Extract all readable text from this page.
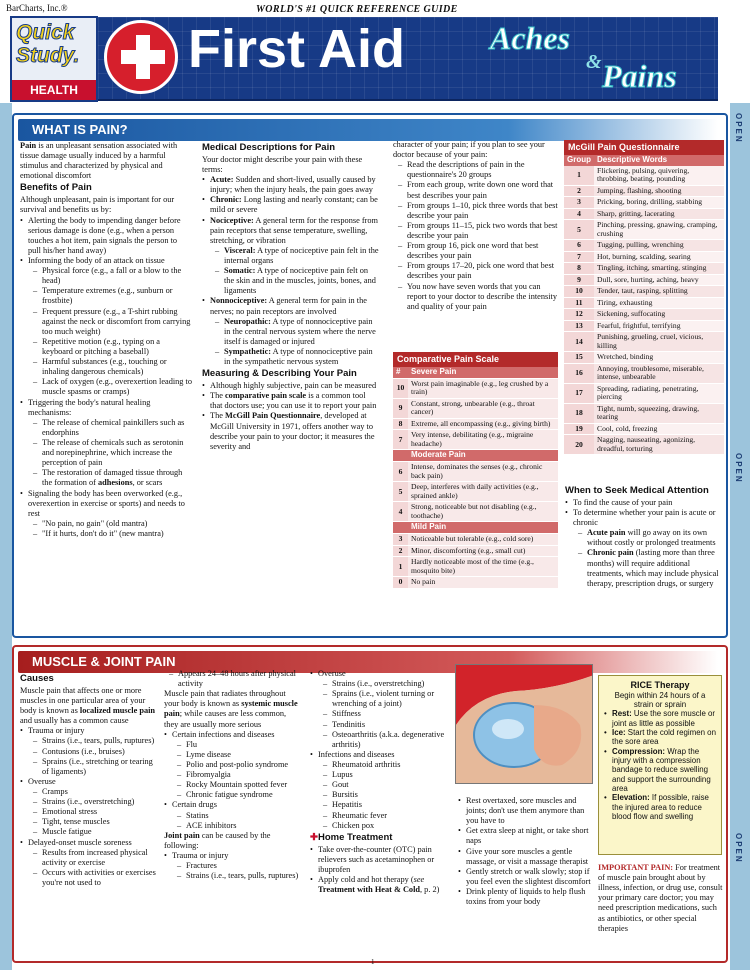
BarCharts, Inc.®	WORLD'S #1 QUICK REFERENCE GUIDE
Quick
Study.
HEALTH
First Aid	Aches
& Pains
OPEN
OPEN
OPEN
WHAT IS PAIN?

Pain is an unpleasant sensation associated with tissue damage usually induced by a harmful stimulus and characterized by physical and emotional discomfort

Benefits of Pain

Although unpleasant, pain is important for our survival and benefits us by:

• Alerting the body to impending danger before serious damage is done (e.g., when a person touches a hot item, pain signals the person to pull his/her hand away)
• Informing the body of an attack on tissue
– Physical force (e.g., a fall or a blow to the head)
– Temperature extremes (e.g., sunburn or frostbite)
– Frequent pressure (e.g., a T-shirt rubbing against the neck or discomfort from carrying too much weight)
– Repetitive motion (e.g., typing on a keyboard or pitching a baseball)
– Harmful substances (e.g., touching or inhaling dangerous chemicals)
– Lack of oxygen (e.g., overexertion leading to muscle spasms or cramps)
• Triggering the body's natural healing mechanisms:
– The release of chemical painkillers such as endorphins
– The release of chemicals such as serotonin and norepinephrine, which increase the perception of pain
– The restoration of damaged tissue through the formation of adhesions, or scars
• Signaling the body has been overworked (e.g., overexertion in exercise or sports) and needs to rest
– "No pain, no gain" (old mantra)
– "If it hurts, don't do it" (new mantra)
Medical Descriptions for Pain

Your doctor might describe your pain with these terms:

• Acute: Sudden and short-lived, usually caused by injury; when the injury heals, the pain goes away
• Chronic: Long lasting and nearly constant; can be mild or severe
• Nociceptive: A general term for the response from pain receptors that sense temperature, swelling, stretching, or vibration
– Visceral: A type of nociceptive pain felt in the internal organs
– Somatic: A type of nociceptive pain felt on the skin and in the muscles, joints, bones, and ligaments
• Nonnociceptive: A general term for pain in the nerves; no pain receptors are involved
– Neuropathic: A type of nonnociceptive pain in the central nervous system where the nerve itself is damaged or injured
– Sympathetic: A type of nonnociceptive pain in the sympathetic nervous system
Measuring & Describing Your Pain
• Although highly subjective, pain can be measured
• The comparative pain scale is a common tool that doctors use; you can use it to report your pain
• The McGill Pain Questionnaire, developed at McGill University in 1971, offers another way to describe your pain to your doctor; it measures the severity and

character of your pain; if you plan to see your doctor because of your pain:

– Read the descriptions of pain in the questionnaire's 20 groups
– From each group, write down one word that best describes your pain
– From groups 1–10, pick three words that best describe your pain
– From groups 11–15, pick two words that best describe your pain
– From group 16, pick one word that best describes your pain
– From groups 17–20, pick one word that best describes your pain
– You now have seven words that you can report to your doctor to describe the intensity and quality of your pain
Comparative Pain Scale
#	Severe Pain
10	Worst pain imaginable (e.g., leg crushed by a train)
9	Constant, strong, unbearable (e.g., throat cancer)
8	Extreme, all encompassing (e.g., giving birth)
7	Very intense, debilitating (e.g., migraine headache)
	Moderate Pain
6	Intense, dominates the senses (e.g., chronic back pain)
5	Deep, interferes with daily activities (e.g., sprained ankle)
4	Strong, noticeable but not disabling (e.g., toothache)
	Mild Pain
3	Noticeable but tolerable (e.g., cold sore)
2	Minor, discomforting (e.g., small cut)
1	Hardly noticeable most of the time (e.g., mosquito bite)
0	No pain
McGill Pain Questionnaire
Group	Descriptive Words
1	Flickering, pulsing, quivering, throbbing, beating, pounding
2	Jumping, flashing, shooting
3	Pricking, boring, drilling, stabbing
4	Sharp, gritting, lacerating
5	Pinching, pressing, gnawing, cramping, crushing
6	Tugging, pulling, wrenching
7	Hot, burning, scalding, searing
8	Tingling, itching, smarting, stinging
9	Dull, sore, hurting, aching, heavy
10	Tender, taut, rasping, splitting
11	Tiring, exhausting
12	Sickening, suffocating
13	Fearful, frightful, terrifying
14	Punishing, grueling, cruel, vicious, killing
15	Wretched, binding
16	Annoying, troublesome, miserable, intense, unbearable
17	Spreading, radiating, penetrating, piercing
18	Tight, numb, squeezing, drawing, tearing
19	Cool, cold, freezing
20	Nagging, nauseating, agonizing, dreadful, torturing
When to Seek Medical Attention
• To find the cause of your pain
• To determine whether your pain is acute or chronic
– Acute pain will go away on its own without costly or prolonged treatments
– Chronic pain (lasting more than three months) will require additional treatments, which may include physical therapy, prescription drugs, or surgery
MUSCLE & JOINT PAIN
Causes

Muscle pain that affects one or more muscles in one particular area of your body is known as localized muscle pain and usually has a common cause

• Trauma or injury
– Strains (i.e., tears, pulls, ruptures)
– Contusions (i.e., bruises)
– Sprains (i.e., stretching or tearing of ligaments)
• Overuse
– Cramps
– Strains (i.e., overstretching)
– Emotional stress
– Tight, tense muscles
– Muscle fatigue
• Delayed-onset muscle soreness
– Results from increased physical activity or exercise
– Occurs with activities or exercises you're not used to
– Appears 24–48 hours after physical activity

Muscle pain that radiates throughout your body is known as systemic muscle pain; while causes are less common, they are usually more serious

• Certain infections and diseases
– Flu
– Lyme disease
– Polio and post-polio syndrome
– Fibromyalgia
– Rocky Mountain spotted fever
– Chronic fatigue syndrome
• Certain drugs
– Statins
– ACE inhibitors

Joint pain can be caused by the following:

• Trauma or injury
– Fractures
– Strains (i.e., tears, pulls, ruptures)
• Overuse
– Strains (i.e., overstretching)
– Sprains (i.e., violent turning or wrenching of a joint)
– Stiffness
– Tendinitis
– Osteoarthritis (a.k.a. degenerative arthritis)
• Infections and diseases
– Rheumatoid arthritis
– Lupus
– Gout
– Bursitis
– Hepatitis
– Rheumatic fever
– Chicken pox
✚Home Treatment
• Take over-the-counter (OTC) pain relievers such as acetaminophen or ibuprofen
• Apply cold and hot therapy (see Treatment with Heat & Cold, p. 2)
• Rest overtaxed, sore muscles and joints; don't use them anymore than you have to
• Get extra sleep at night, or take short naps
• Give your sore muscles a gentle massage, or visit a massage therapist
• Gently stretch or walk slowly; stop if you feel even the slightest discomfort
• Drink plenty of liquids to help flush toxins from your body
RICE Therapy

Begin within 24 hours of a strain or sprain

• Rest: Use the sore muscle or joint as little as possible
• Ice: Start the cold regimen on the sore area
• Compression: Wrap the injury with a compression bandage to reduce swelling and support the surrounding area
• Elevation: If possible, raise the injured area to reduce blood flow and swelling

IMPORTANT PAIN: For treatment of muscle pain brought about by illness, infection, or drug use, consult your primary care doctor; you may need prescription medications, such as antibiotics, or other special therapies

1
